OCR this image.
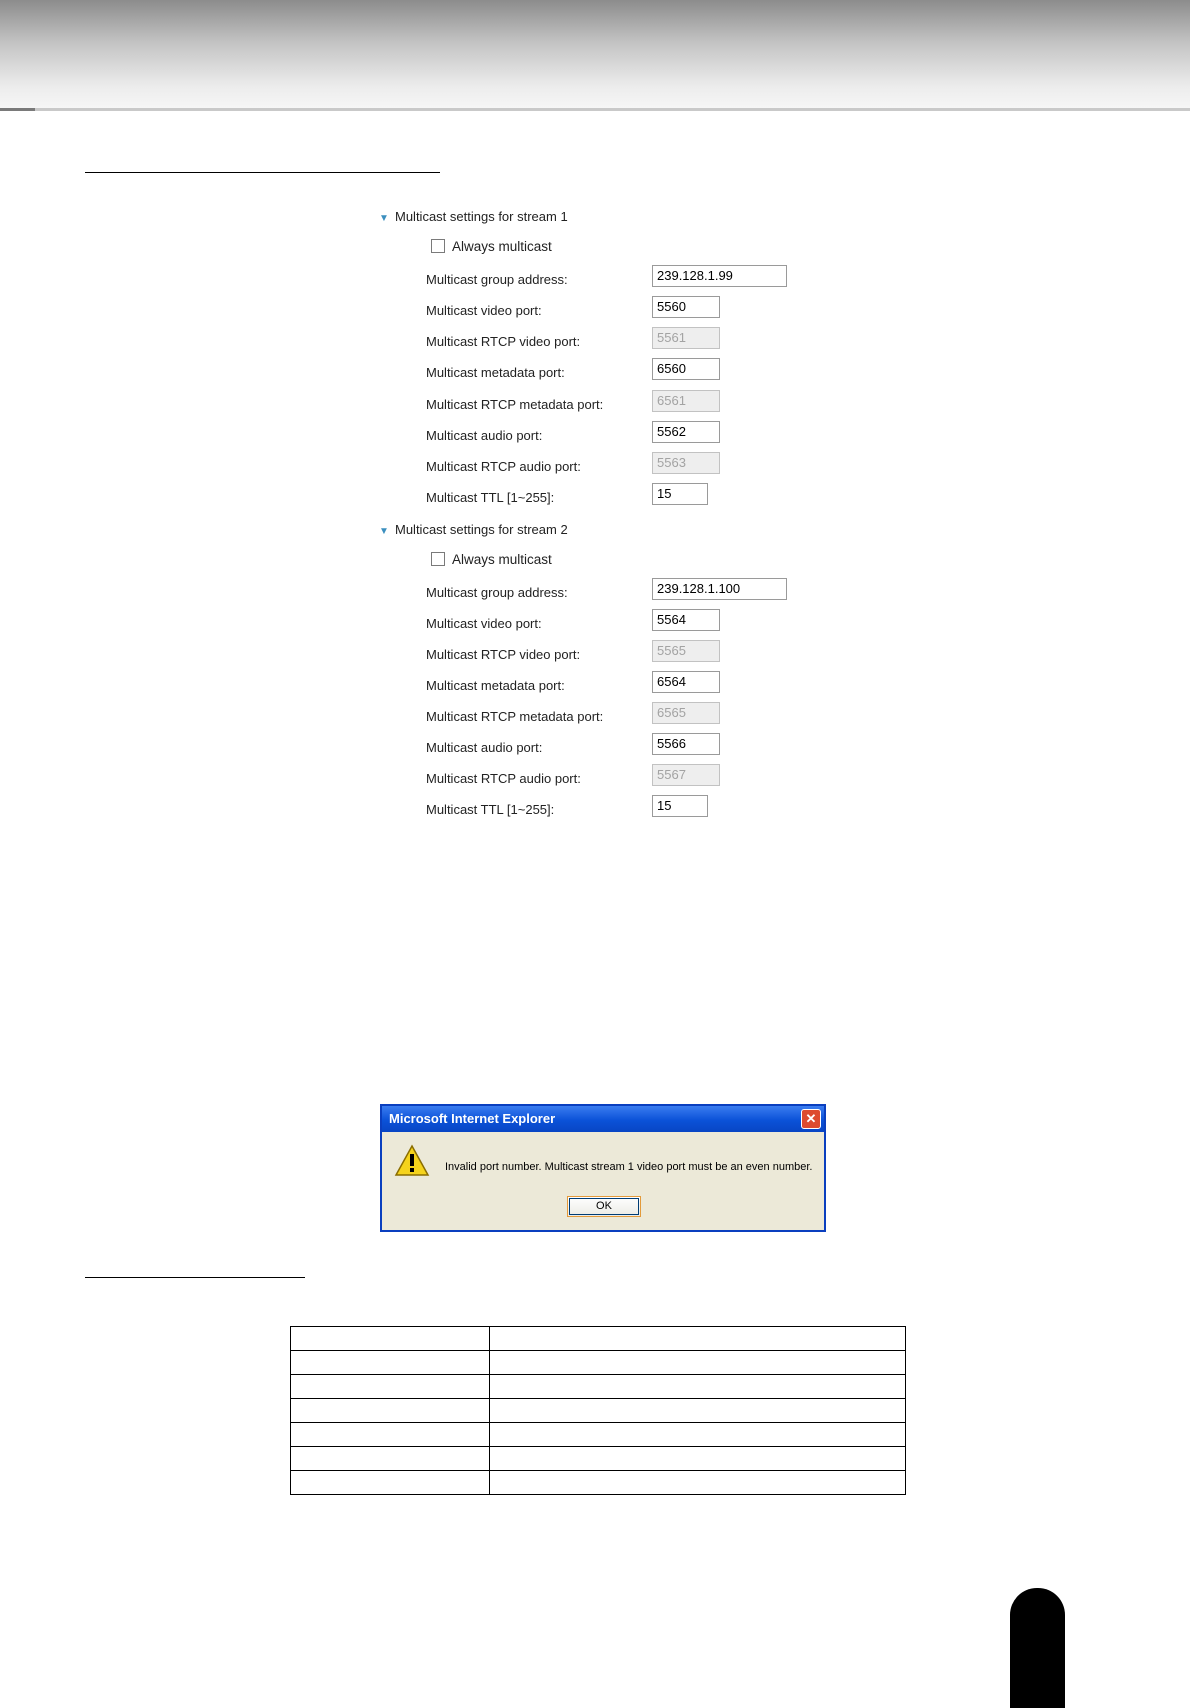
▼ Multicast settings for stream 1
Always multicast
Multicast group address:	239.128.1.99
Multicast video port:	5560
Multicast RTCP video port:	5561
Multicast metadata port:	6560
Multicast RTCP metadata port:	6561
Multicast audio port:	5562
Multicast RTCP audio port:	5563
Multicast TTL [1~255]:	15
▼ Multicast settings for stream 2
Always multicast
Multicast group address:	239.128.1.100
Multicast video port:	5564
Multicast RTCP video port:	5565
Multicast metadata port:	6564
Multicast RTCP metadata port:	6565
Multicast audio port:	5566
Multicast RTCP audio port:	5567
Multicast TTL [1~255]:	15
Microsoft Internet Explorer	✕
Invalid port number. Multicast stream 1 video port must be an even number.
OK
